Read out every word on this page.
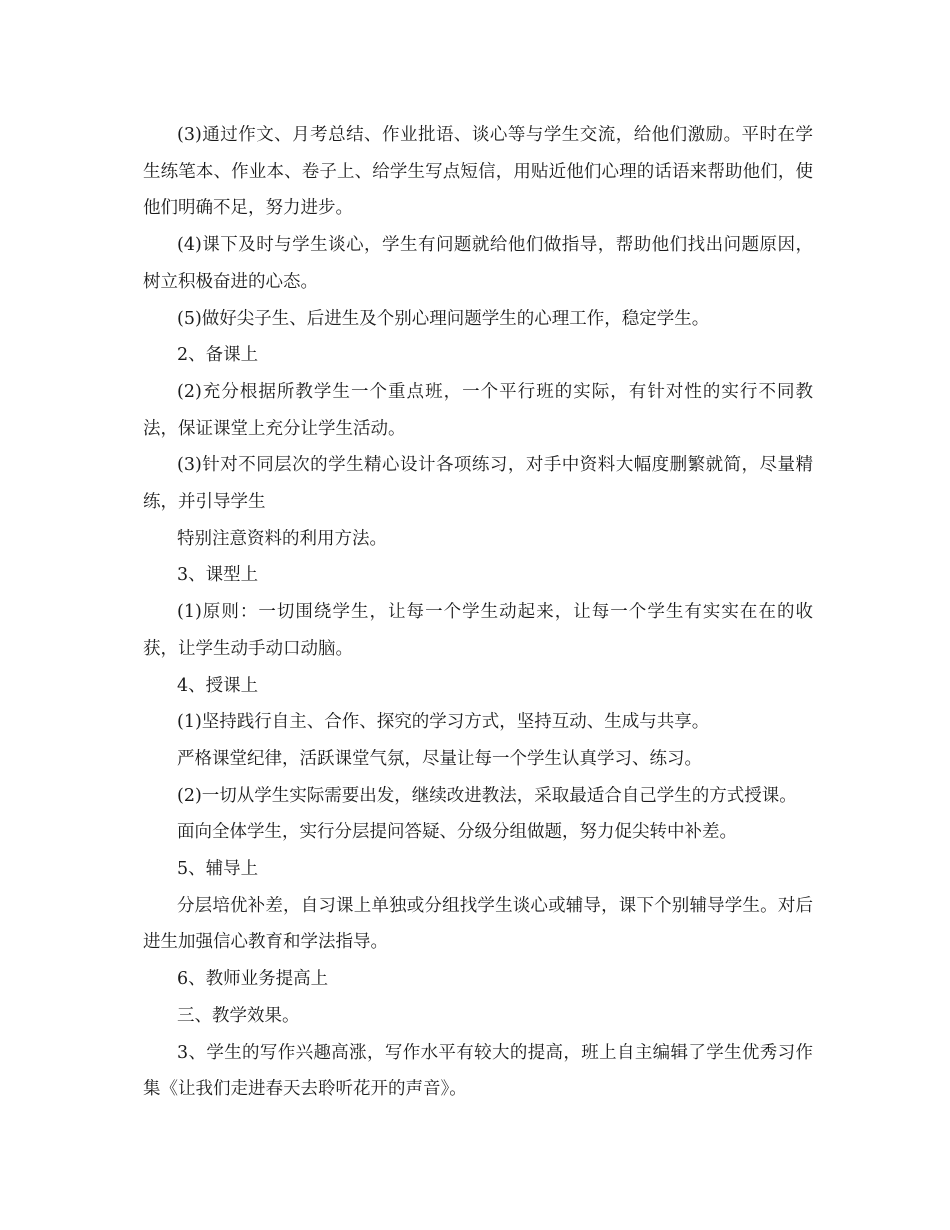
(3)通过作文、月考总结、作业批语、谈心等与学生交流，给他们激励。平时在学生练笔本、作业本、卷子上、给学生写点短信，用贴近他们心理的话语来帮助他们，使他们明确不足，努力进步。

(4)课下及时与学生谈心，学生有问题就给他们做指导，帮助他们找出问题原因，树立积极奋进的心态。

(5)做好尖子生、后进生及个别心理问题学生的心理工作，稳定学生。

2、备课上

(2)充分根据所教学生一个重点班，一个平行班的实际，有针对性的实行不同教法，保证课堂上充分让学生活动。

(3)针对不同层次的学生精心设计各项练习，对手中资料大幅度删繁就简，尽量精练，并引导学生

特别注意资料的利用方法。

3、课型上

(1)原则：一切围绕学生，让每一个学生动起来，让每一个学生有实实在在的收获，让学生动手动口动脑。

4、授课上

(1)坚持践行自主、合作、探究的学习方式，坚持互动、生成与共享。

严格课堂纪律，活跃课堂气氛，尽量让每一个学生认真学习、练习。

(2)一切从学生实际需要出发，继续改进教法，采取最适合自己学生的方式授课。

面向全体学生，实行分层提问答疑、分级分组做题，努力促尖转中补差。

5、辅导上

分层培优补差，自习课上单独或分组找学生谈心或辅导，课下个别辅导学生。对后进生加强信心教育和学法指导。

6、教师业务提高上

三、教学效果。

3、学生的写作兴趣高涨，写作水平有较大的提高，班上自主编辑了学生优秀习作集《让我们走进春天去聆听花开的声音》。
